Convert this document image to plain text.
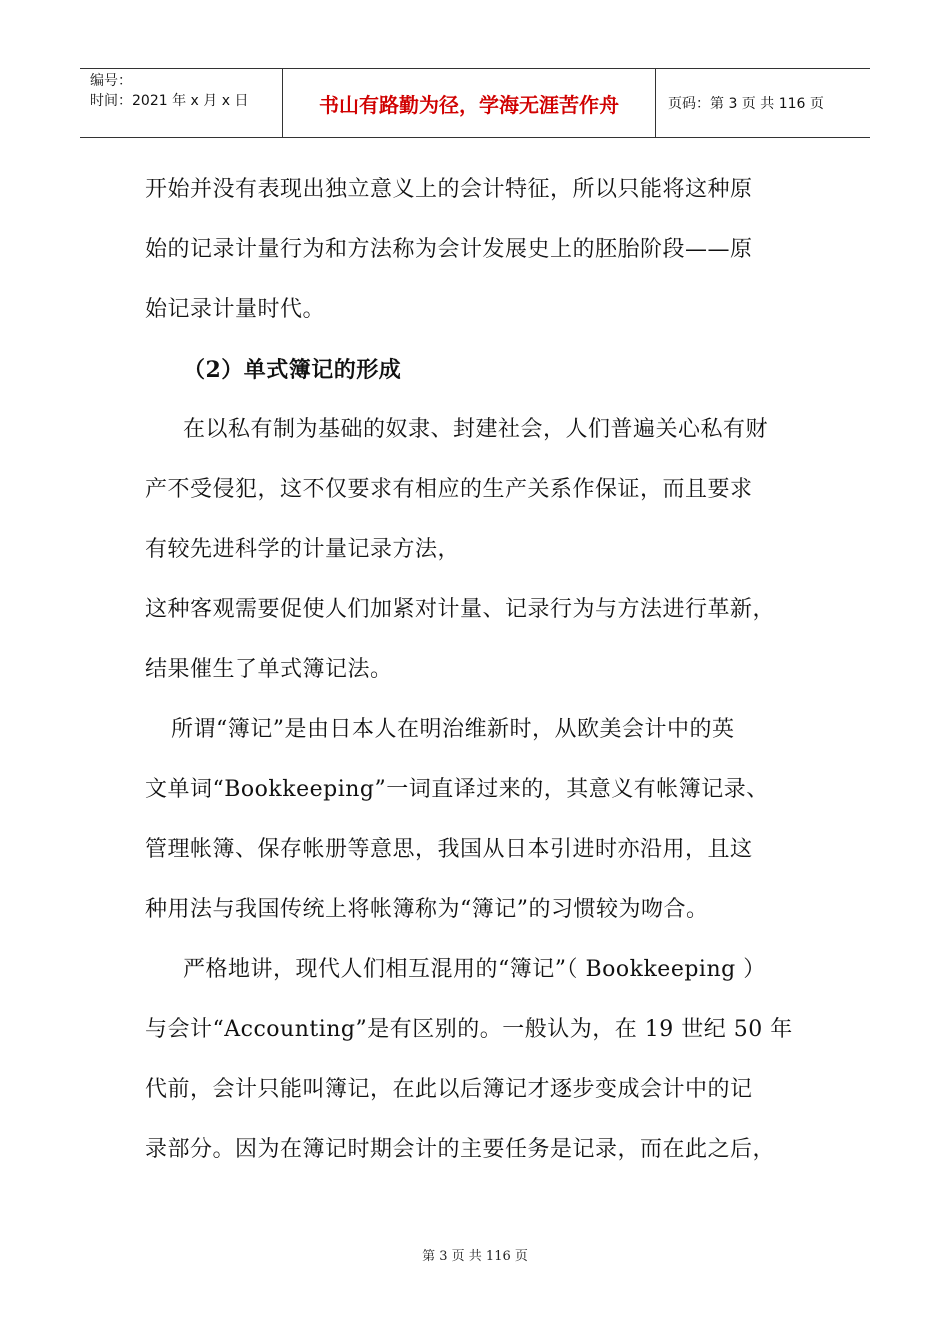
编号：
时间：2021 年 x 月 x 日	书山有路勤为径，学海无涯苦作舟	页码：第 3 页 共 116 页

开始并没有表现出独立意义上的会计特征，所以只能将这种原

始的记录计量行为和方法称为会计发展史上的胚胎阶段——原

始记录计量时代。

（2）单式簿记的形成

在以私有制为基础的奴隶、封建社会，人们普遍关心私有财

产不受侵犯，这不仅要求有相应的生产关系作保证，而且要求

有较先进科学的计量记录方法，

这种客观需要促使人们加紧对计量、记录行为与方法进行革新，

结果催生了单式簿记法。

所谓“簿记”是由日本人在明治维新时，从欧美会计中的英

文单词“Bookkeeping”一词直译过来的，其意义有帐簿记录、

管理帐簿、保存帐册等意思，我国从日本引进时亦沿用，且这

种用法与我国传统上将帐簿称为“簿记”的习惯较为吻合。

严格地讲，现代人们相互混用的“簿记”（ Bookkeeping ）

与会计“Accounting”是有区别的。一般认为，在 19 世纪 50 年

代前，会计只能叫簿记，在此以后簿记才逐步变成会计中的记

录部分。因为在簿记时期会计的主要任务是记录，而在此之后，

第 3 页 共 116 页
